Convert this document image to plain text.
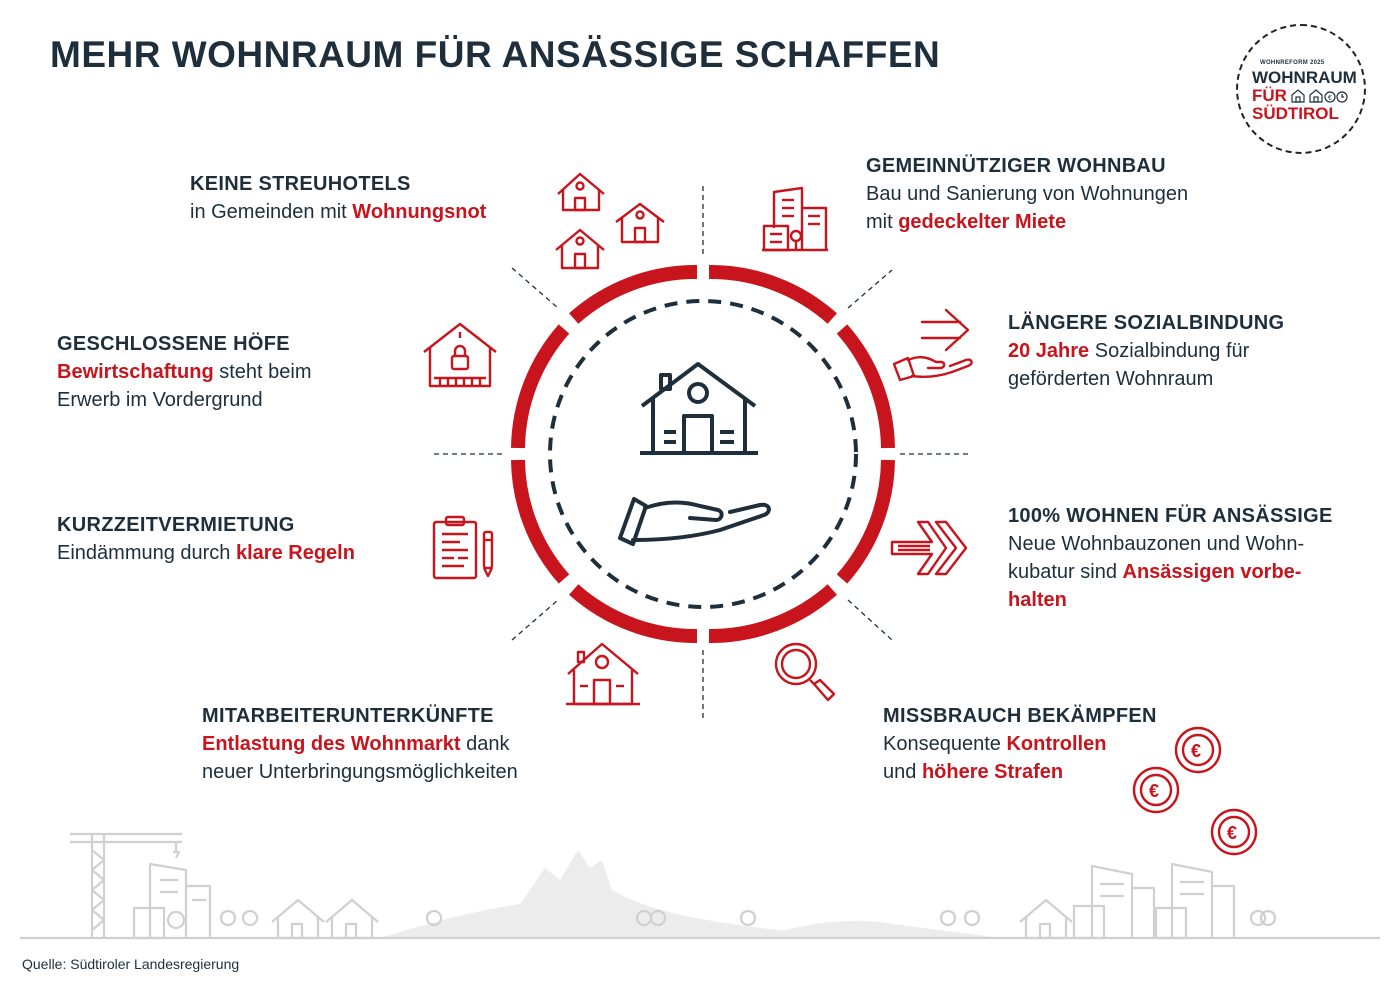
MEHR WOHNRAUM FÜR ANSÄSSIGE SCHAFFEN	WOHNREFORM 2025
WOHNRAUM
FÜR
SÜDTIROL
€
€
€
€
KEINE STREUHOTELS
in Gemeinden mit Wohnungsnot
GEMEINNÜTZIGER WOHNBAU
Bau und Sanierung von Wohnungen
mit gedeckelter Miete
GESCHLOSSENE HÖFE
Bewirtschaftung steht beim
Erwerb im Vordergrund
LÄNGERE SOZIALBINDUNG
20 Jahre Sozialbindung für
geförderten Wohnraum
KURZZEITVERMIETUNG
Eindämmung durch klare Regeln
100% WOHNEN FÜR ANSÄSSIGE
Neue Wohnbauzonen und Wohn-
kubatur sind Ansässigen vorbe-
halten
MITARBEITERUNTERKÜNFTE
Entlastung des Wohnmarkt dank
neuer Unterbringungsmöglichkeiten
MISSBRAUCH BEKÄMPFEN
Konsequente Kontrollen
und höhere Strafen
Quelle: Südtiroler Landesregierung
